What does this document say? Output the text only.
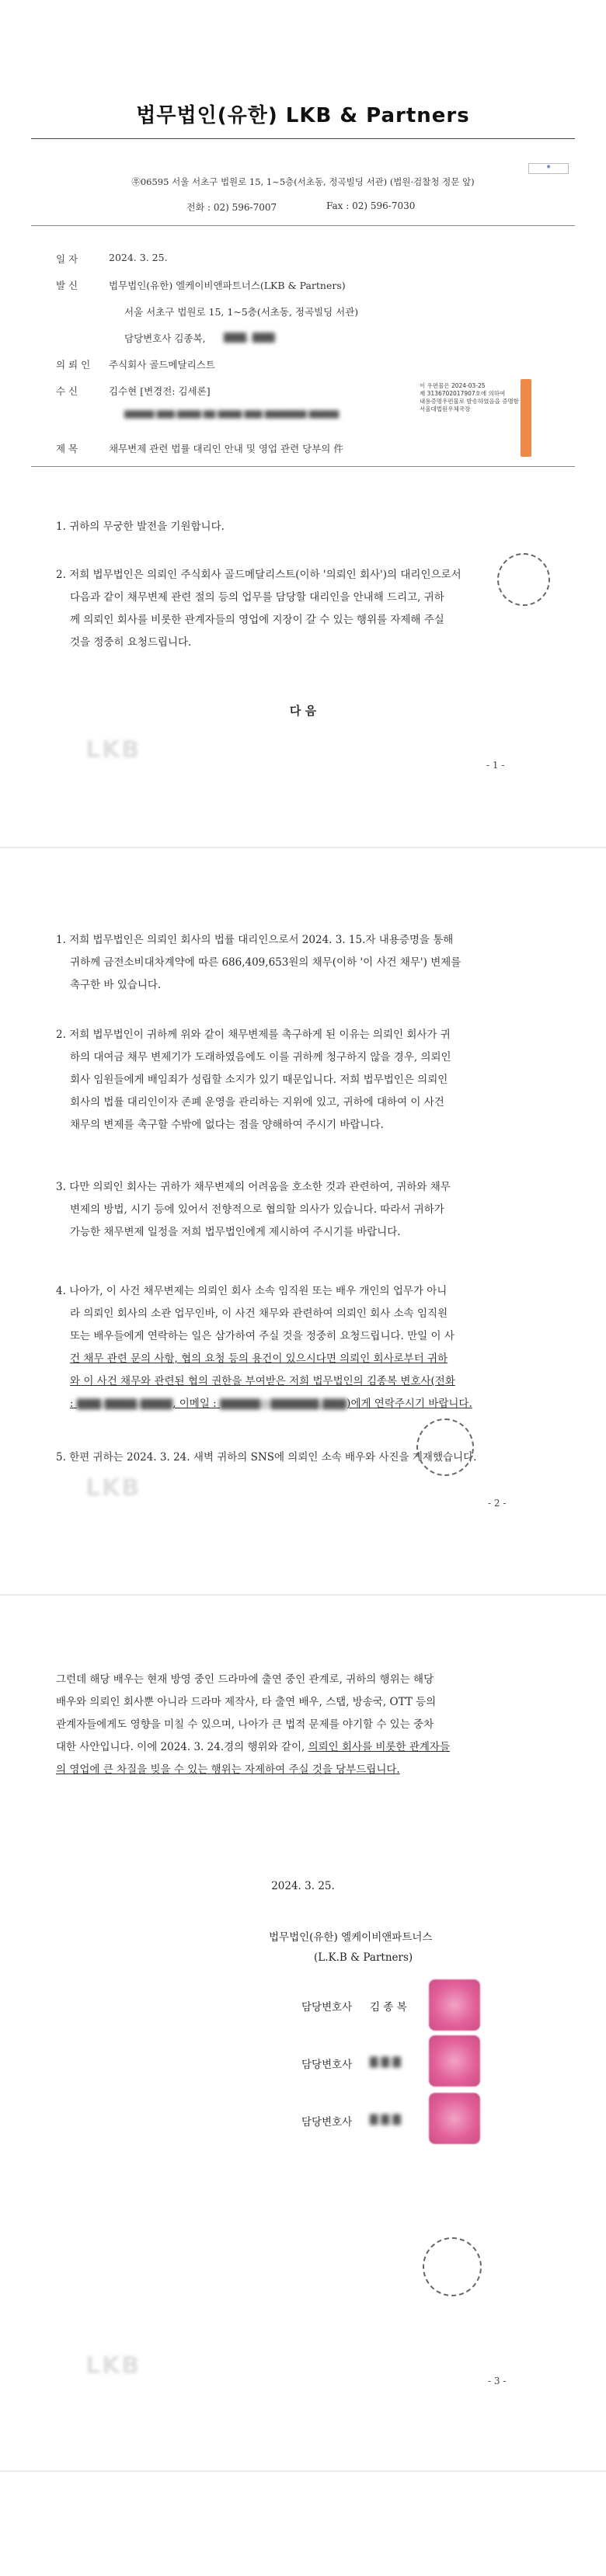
법무법인(유한) LKB & Partners
㉾06595 서울 서초구 법원로 15, 1~5층(서초동, 정곡빌딩 서관) (법원·검찰청 정문 앞)
전화 : 02) 596-7007	Fax : 02) 596-7030
◉
일 자	2024. 3. 25.
발 신	법무법인(유한) 엘케이비앤파트너스(LKB & Partners)
서울 서초구 법원로 15, 1~5층(서초동, 정곡빌딩 서관)
담당변호사 김종복, ▇▇▇, ▇▇▇
의 뢰 인 주식회사 골드메달리스트
수 신	김수현 [변경전: 김세론]
▇▇▇▇▇ ▇▇▇ ▇▇▇▇ ▇▇ ▇▇▇▇ ▇▇▇ ▇▇▇▇▇▇▇ ▇▇▇▇▇
제 목	채무변제 관련 법률 대리인 안내 및 영업 관련 당부의 件
이 우편물은 2024-03-25
제 3136702017907호에 의하여
내용증명우편물로 발송하였음을 증명함
서울대법원우체국장
1. 귀하의 무궁한 발전을 기원합니다.
2. 저희 법무법인은 의뢰인 주식회사 골드메달리스트(이하 '의뢰인 회사')의 대리인으로서
다음과 같이 채무변제 관련 절의 등의 업무를 담당할 대리인을 안내해 드리고, 귀하
께 의뢰인 회사를 비롯한 관계자들의 영업에 지장이 갈 수 있는 행위를 자제해 주실
것을 정중히 요청드립니다.
다 음
LKB
- 1 -
1. 저희 법무법인은 의뢰인 회사의 법률 대리인으로서 2024. 3. 15.자 내용증명을 통해
귀하께 금전소비대차계약에 따른 686,409,653원의 채무(이하 '이 사건 채무') 변제를
촉구한 바 있습니다.
2. 저희 법무법인이 귀하께 위와 같이 채무변제를 촉구하게 된 이유는 의뢰인 회사가 귀
하의 대여금 채무 변제기가 도래하였음에도 이를 귀하께 청구하지 않을 경우, 의뢰인
회사 임원들에게 배임죄가 성립할 소지가 있기 때문입니다. 저희 법무법인은 의뢰인
회사의 법률 대리인이자 존폐 운영을 관리하는 지위에 있고, 귀하에 대하여 이 사건
채무의 변제를 촉구할 수밖에 없다는 점을 양해하여 주시기 바랍니다.
3. 다만 의뢰인 회사는 귀하가 채무변제의 어려움을 호소한 것과 관련하여, 귀하와 채무
변제의 방법, 시기 등에 있어서 전향적으로 협의할 의사가 있습니다. 따라서 귀하가
가능한 채무변제 일정을 저희 법무법인에게 제시하여 주시기를 바랍니다.
4. 나아가, 이 사건 채무변제는 의뢰인 회사 소속 임직원 또는 배우 개인의 업무가 아니
라 의뢰인 회사의 소관 업무인바, 이 사건 채무와 관련하여 의뢰인 회사 소속 임직원
또는 배우들에게 연락하는 일은 삼가하여 주실 것을 정중히 요청드립니다. 만일 이 사
건 채무 관련 문의 사항, 협의 요청 등의 용건이 있으시다면 의뢰인 회사로부터 귀하
와 이 사건 채무와 관련된 협의 권한을 부여받은 저희 법무법인의 김종복 변호사(전화
: ▇▇▇-▇▇▇▇-▇▇▇▇, 이메일 : ▇▇▇▇▇@▇▇▇▇▇▇.▇▇▇)에게 연락주시기 바랍니다.
5. 한편 귀하는 2024. 3. 24. 새벽 귀하의 SNS에 의뢰인 소속 배우와 사진을 게재했습니다.
LKB
- 2 -
그런데 해당 배우는 현재 방영 중인 드라마에 출연 중인 관계로, 귀하의 행위는 해당
배우와 의뢰인 회사뿐 아니라 드라마 제작사, 타 출연 배우, 스탭, 방송국, OTT 등의
관계자들에게도 영향을 미칠 수 있으며, 나아가 큰 법적 문제를 야기할 수 있는 중차
대한 사안입니다. 이에 2024. 3. 24.경의 행위와 같이, 의뢰인 회사를 비롯한 관계자들
의 영업에 큰 차질을 빚을 수 있는 행위는 자제하여 주실 것을 당부드립니다.
2024. 3. 25.
법무법인(유한) 엘케이비앤파트너스
(L.K.B & Partners)
담당변호사 김 종 복
담당변호사 ▇ ▇ ▇
담당변호사 ▇ ▇ ▇
LKB
- 3 -
